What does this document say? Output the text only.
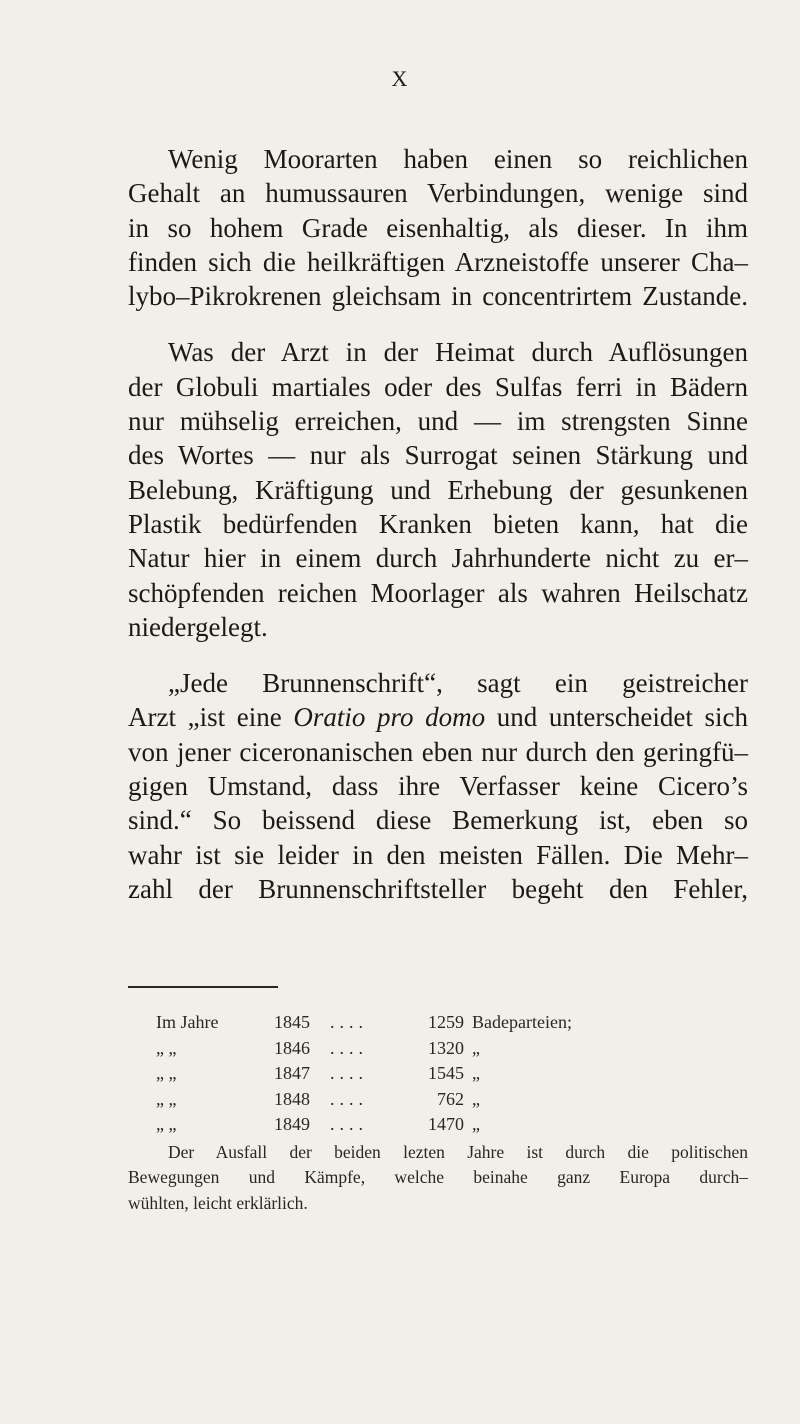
X
Wenig Moorarten haben einen so reichlichen
Gehalt an humussauren Verbindungen, wenige sind
in so hohem Grade eisenhaltig, als dieser. In ihm
finden sich die heilkräftigen Arzneistoffe unserer Cha–
lybo–Pikrokrenen gleichsam in concentrirtem Zustande.
Was der Arzt in der Heimat durch Auflösungen
der Globuli martiales oder des Sulfas ferri in Bädern
nur mühselig erreichen, und — im strengsten Sinne
des Wortes — nur als Surrogat seinen Stärkung und
Belebung, Kräftigung und Erhebung der gesunkenen
Plastik bedürfenden Kranken bieten kann, hat die
Natur hier in einem durch Jahrhunderte nicht zu er–
schöpfenden reichen Moorlager als wahren Heilschatz
niedergelegt.
„Jede Brunnenschrift“, sagt ein geistreicher
Arzt „ist eine Oratio pro domo und unterscheidet sich
von jener ciceronanischen eben nur durch den geringfü–
gigen Umstand, dass ihre Verfasser keine Cicero’s
sind.“ So beissend diese Bemerkung ist, eben so
wahr ist sie leider in den meisten Fällen. Die Mehr–
zahl der Brunnenschriftsteller begeht den Fehler,
Im Jahre	1845	....	1259	Badeparteien;
„ „	1846	....	1320	„
„ „	1847	....	1545	„
„ „	1848	....	762	„
„ „	1849	....	1470	„
Der Ausfall der beiden lezten Jahre ist durch die politischen
Bewegungen und Kämpfe, welche beinahe ganz Europa durch–
wühlten, leicht erklärlich.
